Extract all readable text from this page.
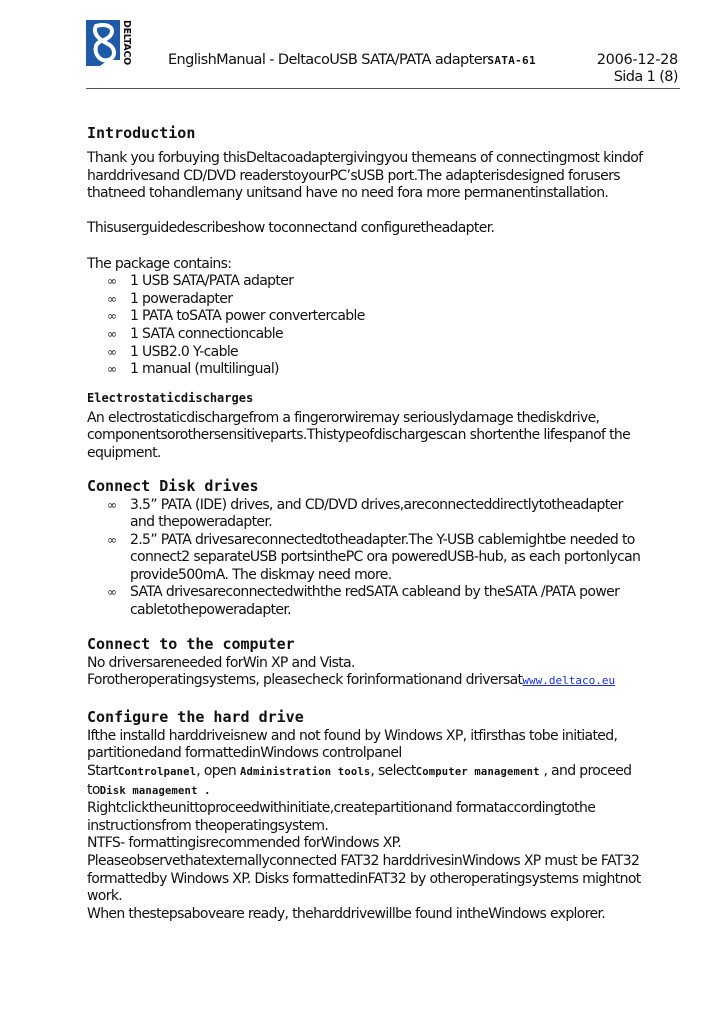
DELTACO EnglishManual - DeltacoUSB SATA/PATA adapterSATA-61	2006-12-28
Sida 1 (8)
Introduction

Thank you forbuying thisDeltacoadaptergivingyou themeans of connectingmost kindof

harddrivesand CD/DVD readerstoyourPC’sUSB port.The adapterisdesigned forusers

thatneed tohandlemany unitsand have no need fora more permanentinstallation.

Thisuserguidedescribeshow toconnectand configuretheadapter.

The package contains:

∞ 1 USB SATA/PATA adapter
∞ 1 poweradapter
∞ 1 PATA toSATA power convertercable
∞ 1 SATA connectioncable
∞ 1 USB2.0 Y-cable
∞ 1 manual (multilingual)
Electrostaticdischarges

An electrostaticdischargefrom a fingerorwiremay seriouslydamage thediskdrive,

componentsorothersensitiveparts.Thistypeofdischargescan shortenthe lifespanof the

equipment.

Connect Disk drives
∞ 3.5” PATA (IDE) drives, and CD/DVD drives,areconnecteddirectlytotheadapter
and thepoweradapter.
∞ 2.5” PATA drivesareconnectedtotheadapter.The Y-USB cablemightbe needed to
connect2 separateUSB portsinthePC ora poweredUSB-hub, as each portonlycan
provide500mA. The diskmay need more.
∞ SATA drivesareconnectedwiththe redSATA cableand by theSATA /PATA power
cabletothepoweradapter.
Connect to the computer

No driversareneeded forWin XP and Vista.

Forotheroperatingsystems, pleasecheck forinformationand driversatwww.deltaco.eu

Configure the hard drive

Ifthe installd harddriveisnew and not found by Windows XP, itfirsthas tobe initiated,

partitionedand formattedinWindows controlpanel

StartControlpanel, open Administration tools, selectComputer management , and proceed

toDisk management .

Rightclicktheunittoproceedwithinitiate,createpartitionand formataccordingtothe

instructionsfrom theoperatingsystem.

NTFS- formattingisrecommended forWindows XP.

Pleaseobservethatexternallyconnected FAT32 harddrivesinWindows XP must be FAT32

formattedby Windows XP. Disks formattedinFAT32 by otheroperatingsystems mightnot

work.

When thestepsaboveare ready, theharddrivewillbe found intheWindows explorer.
